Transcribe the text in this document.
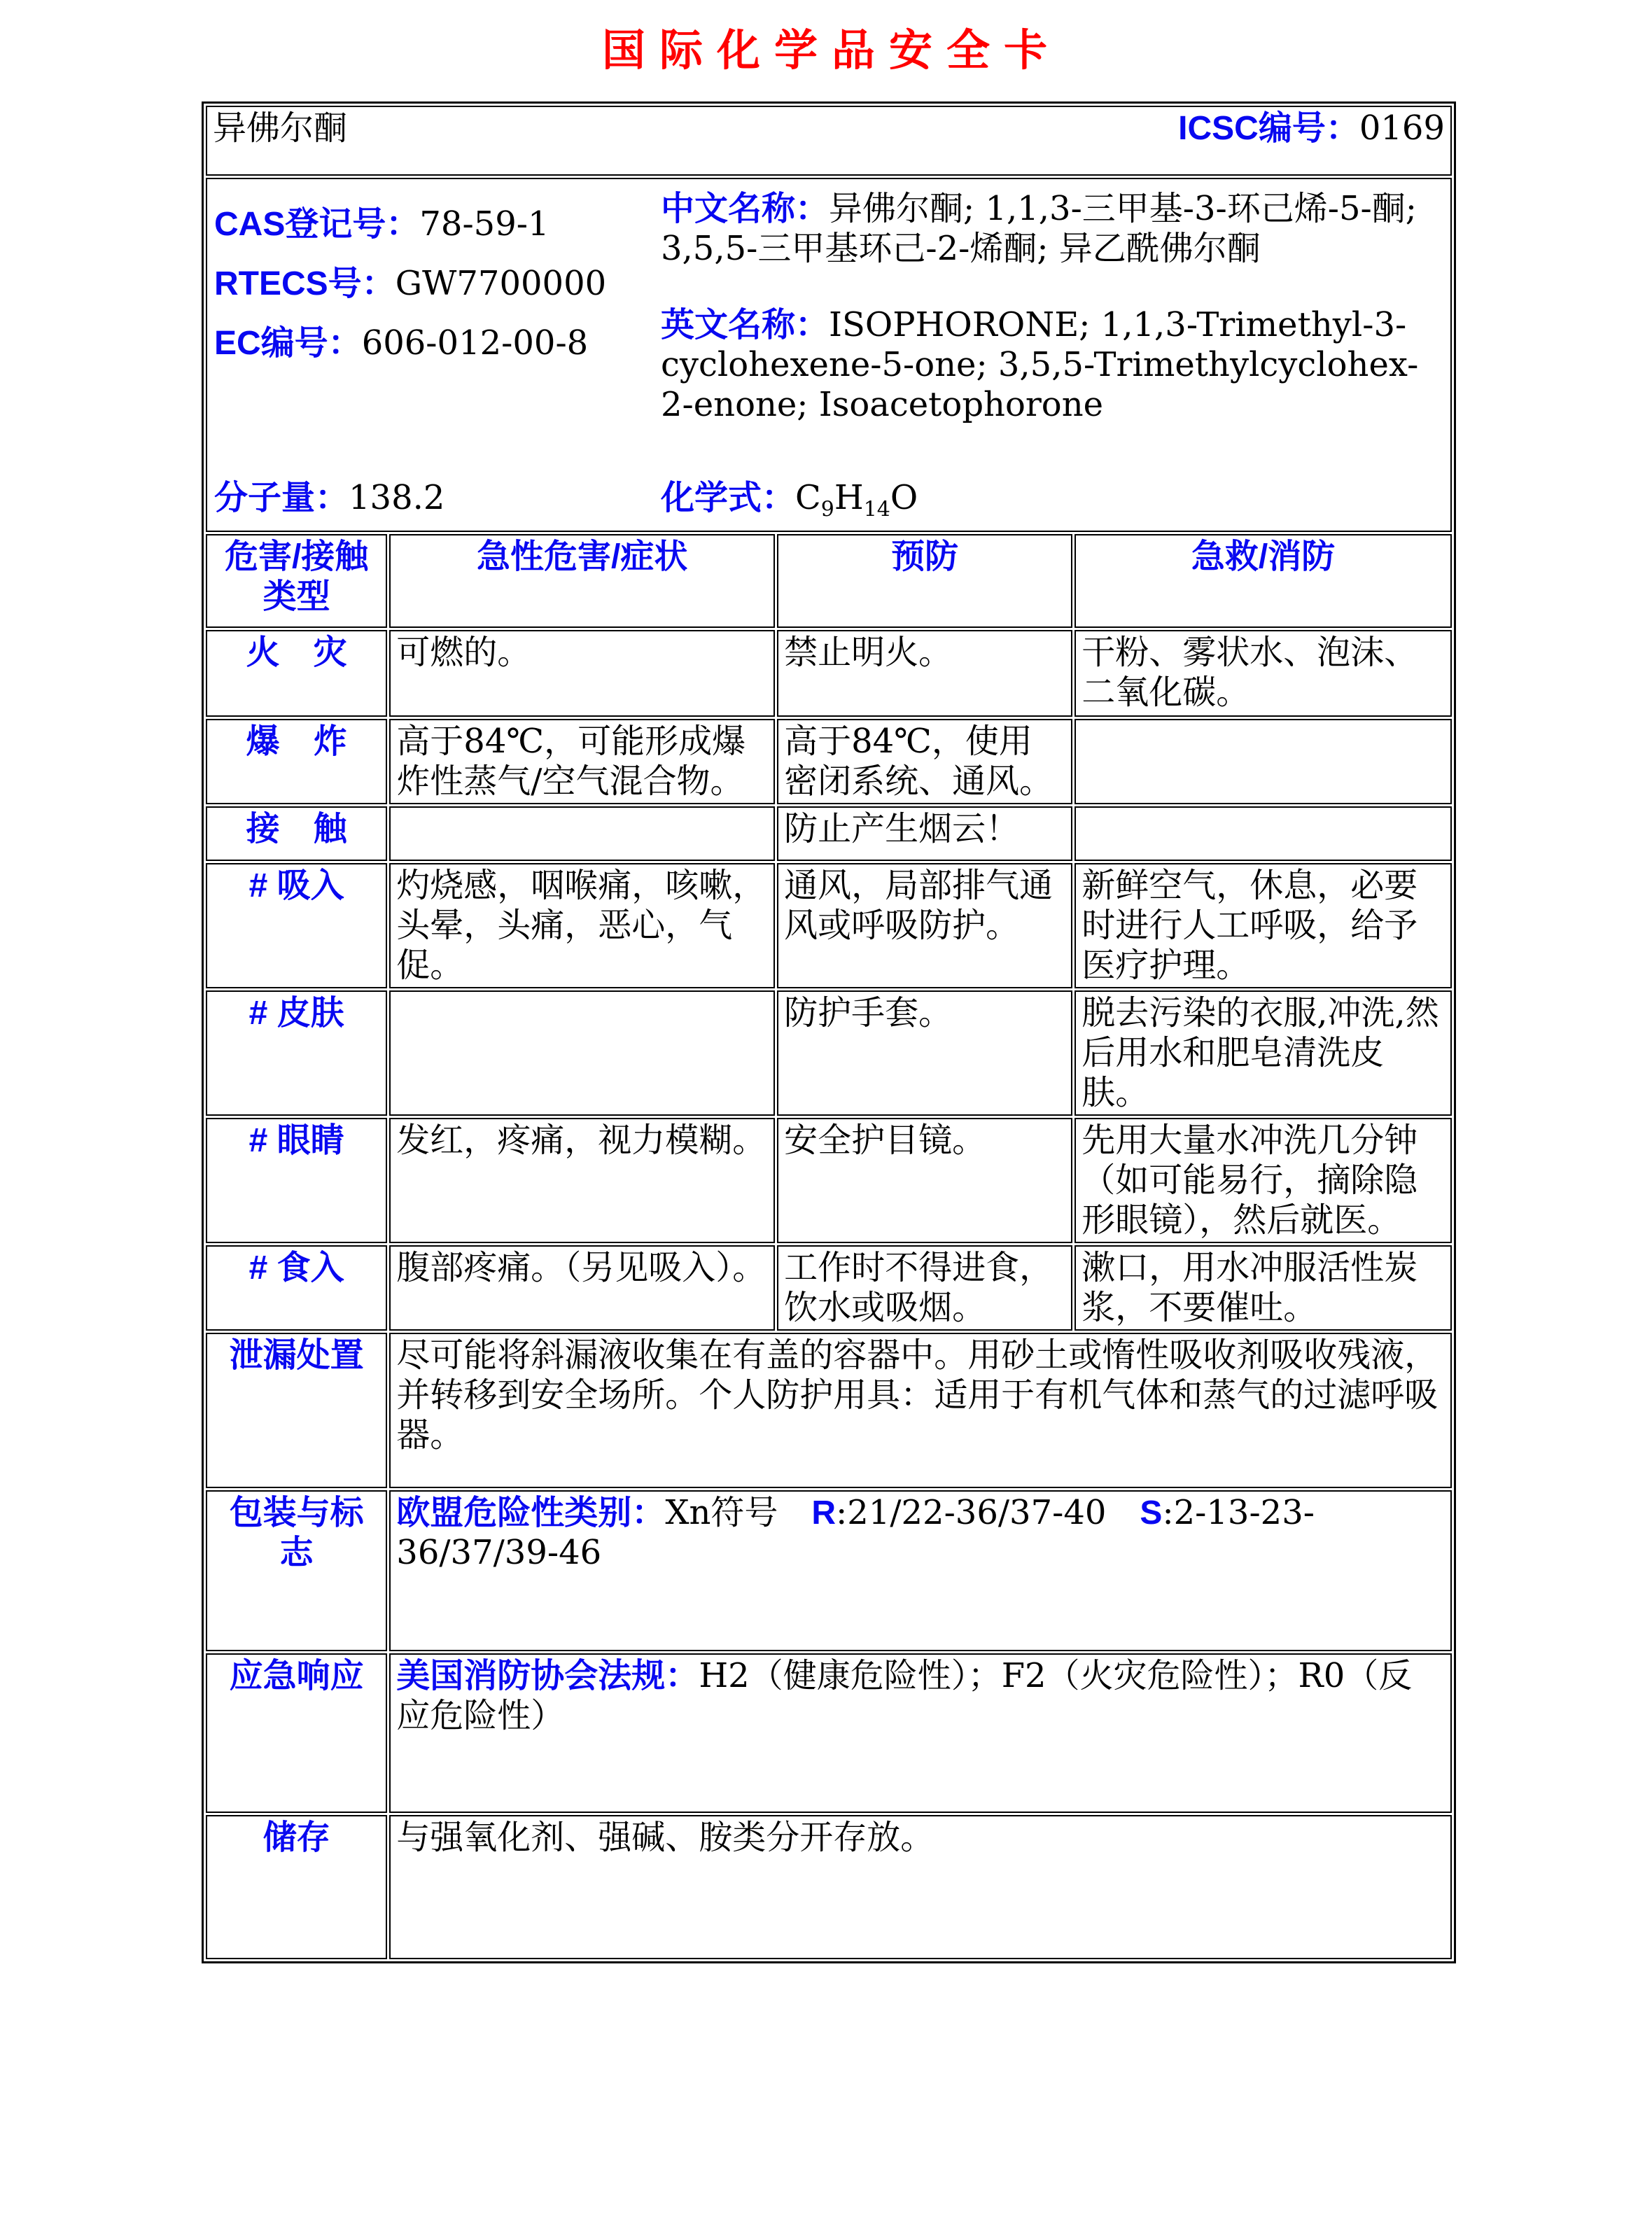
国际化学品安全卡
异佛尔酮 ICSC编号：0169			

CAS登记号：78-59-1
RTECS号：GW7700000
EC编号：606-012-00-8
中文名称：异佛尔酮; 1,1,3-三甲基-3-环己烯-5-酮; 3,5,5-三甲基环己-2-烯酮; 异乙酰佛尔酮
英文名称：ISOPHORONE; 1,1,3-Trimethyl-3-cyclohexene-5-one; 3,5,5-Trimethylcyclohex-2-enone; Isoacetophorone
分子量：138.2	化学式：$C_9H_{14}O$

危害/接触类型	急性危害/症状	预防	急救/消防
火　灾	可燃的。	禁止明火。	干粉、雾状水、泡沫、二氧化碳。
爆　炸	高于84℃，可能形成爆炸性蒸气/空气混合物。	高于84℃，使用密闭系统、通风。	
接　触		防止产生烟云！	
# 吸入	灼烧感，咽喉痛，咳嗽，头晕，头痛，恶心，气促。	通风，局部排气通风或呼吸防护。	新鲜空气，休息，必要时进行人工呼吸，给予医疗护理。
# 皮肤		防护手套。	脱去污染的衣服,冲洗,然后用水和肥皂清洗皮肤。
# 眼睛	发红，疼痛，视力模糊。	安全护目镜。	先用大量水冲洗几分钟（如可能易行，摘除隐形眼镜），然后就医。
# 食入	腹部疼痛。（另见吸入）。	工作时不得进食，饮水或吸烟。	漱口，用水冲服活性炭浆，不要催吐。
泄漏处置	尽可能将斜漏液收集在有盖的容器中。用砂土或惰性吸收剂吸收残液，并转移到安全场所。个人防护用具：适用于有机气体和蒸气的过滤呼吸器。		
包装与标志	欧盟危险性类别：Xn符号 R:21/22-36/37-40 S:2-13-23-36/37/39-46		
应急响应	美国消防协会法规：H2（健康危险性）；F2（火灾危险性）；R0（反应危险性）		
储存	与强氧化剂、强碱、胺类分开存放。		
